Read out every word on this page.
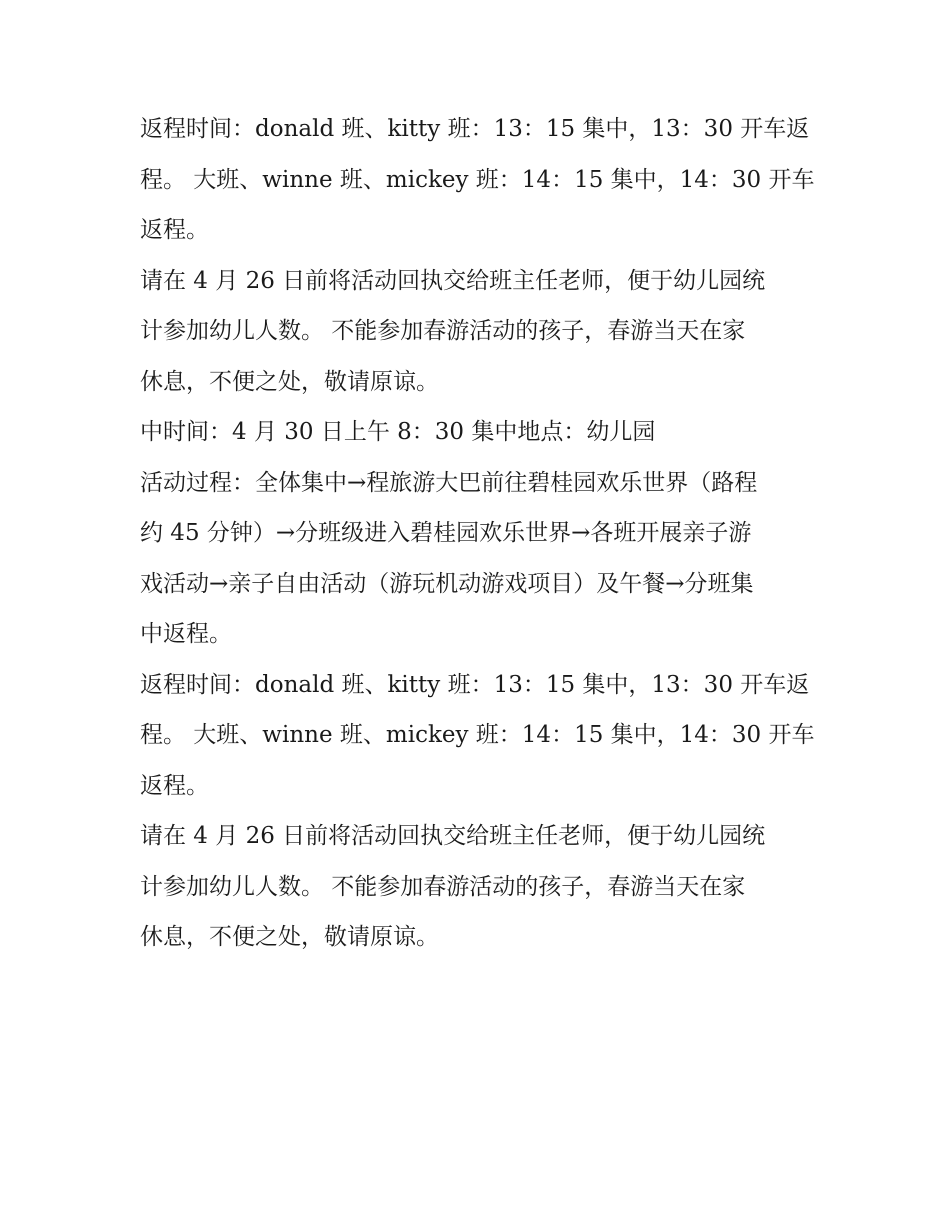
返程时间：donald 班、kitty 班：13：15 集中，13：30 开车返
程。 大班、winne 班、mickey 班：14：15 集中，14：30 开车
返程。

请在 4 月 26 日前将活动回执交给班主任老师，便于幼儿园统
计参加幼儿人数。 不能参加春游活动的孩子，春游当天在家
休息，不便之处，敬请原谅。

中时间：4 月 30 日上午 8：30 集中地点：幼儿园

活动过程：全体集中→程旅游大巴前往碧桂园欢乐世界（路程
约 45 分钟）→分班级进入碧桂园欢乐世界→各班开展亲子游
戏活动→亲子自由活动（游玩机动游戏项目）及午餐→分班集
中返程。

返程时间：donald 班、kitty 班：13：15 集中，13：30 开车返
程。 大班、winne 班、mickey 班：14：15 集中，14：30 开车
返程。

请在 4 月 26 日前将活动回执交给班主任老师，便于幼儿园统
计参加幼儿人数。 不能参加春游活动的孩子，春游当天在家
休息，不便之处，敬请原谅。
